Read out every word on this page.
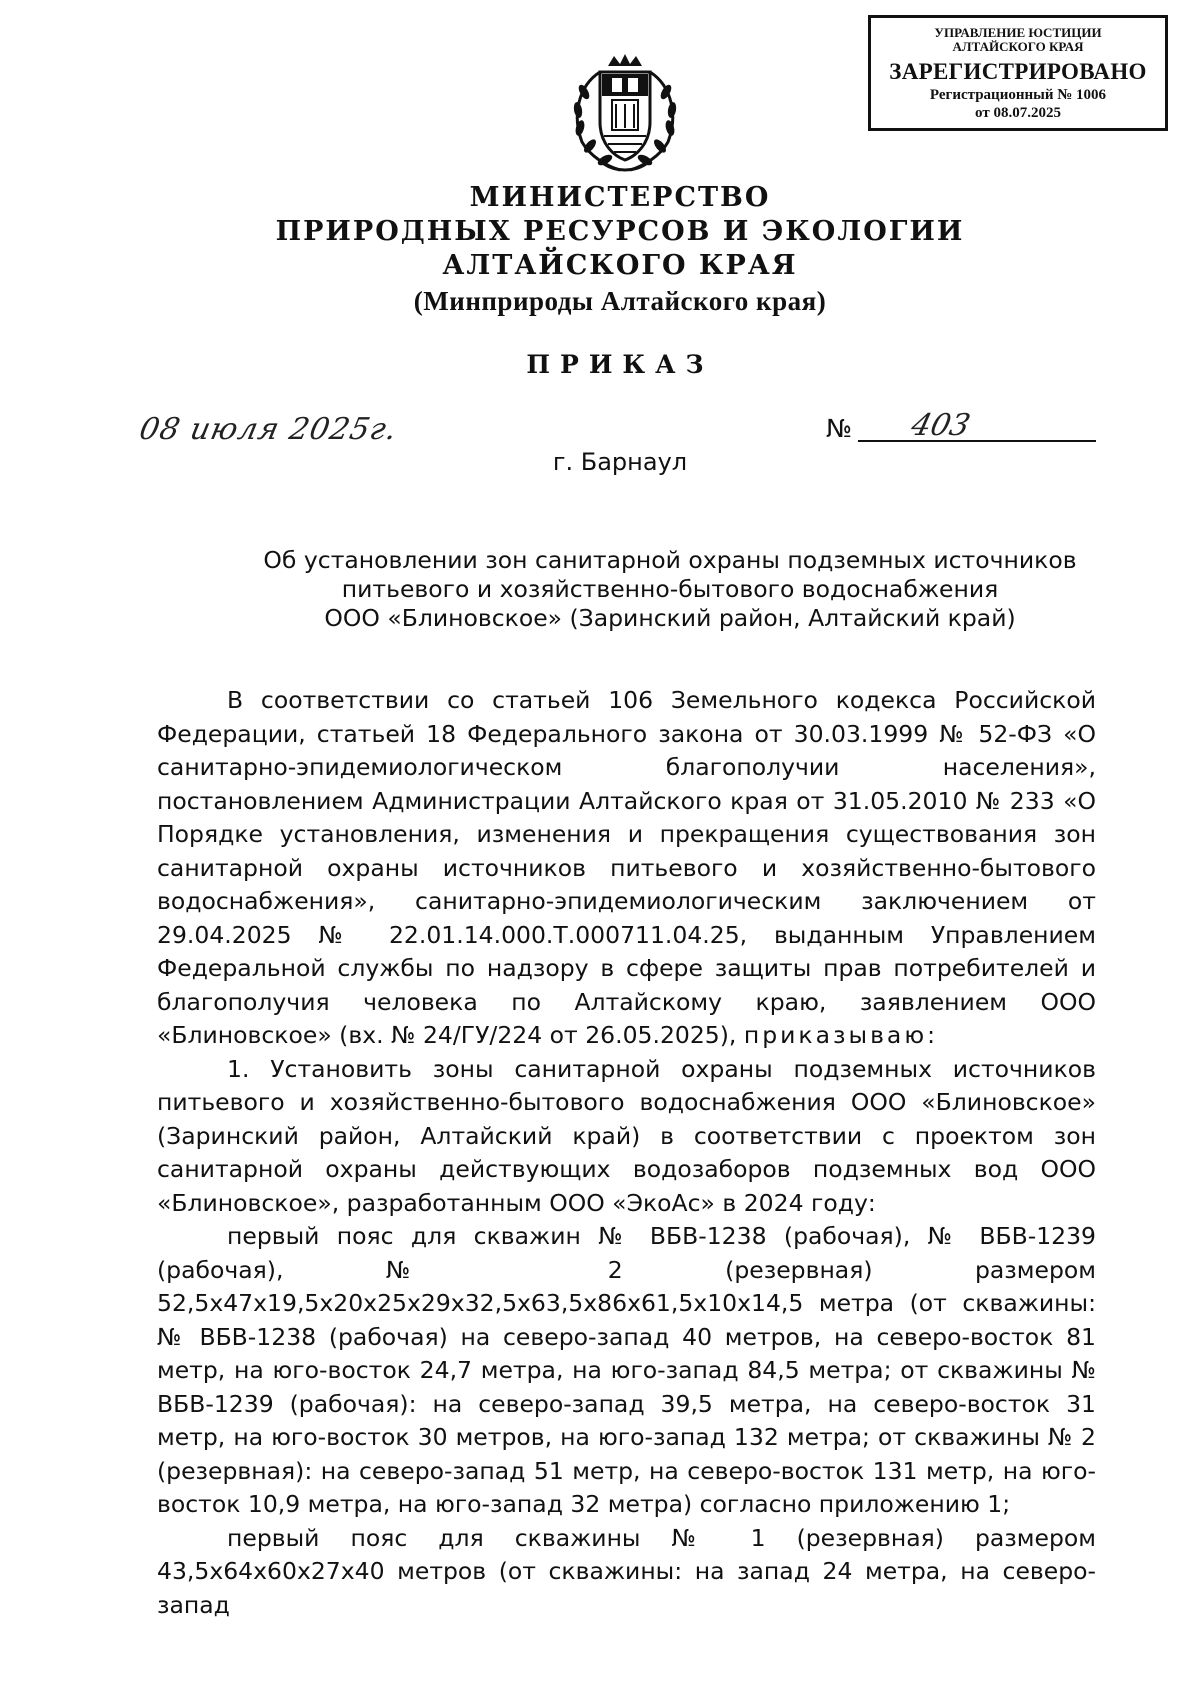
УПРАВЛЕНИЕ ЮСТИЦИИ
АЛТАЙСКОГО КРАЯ
ЗАРЕГИСТРИРОВАНО
Регистрационный № 1006
от 08.07.2025
МИНИСТЕРСТВО
ПРИРОДНЫХ РЕСУРСОВ И ЭКОЛОГИИ
АЛТАЙСКОГО КРАЯ
(Минприроды Алтайского края)
ПРИКАЗ
08 июля 2025г.	№ 403
г. Барнаул
Об установлении зон санитарной охраны подземных источников
питьевого и хозяйственно-бытового водоснабжения
ООО «Блиновское» (Заринский район, Алтайский край)

В соответствии со статьей 106 Земельного кодекса Российской Федерации, статьей 18 Федерального закона от 30.03.1999 № 52-ФЗ «О санитарно-эпидемиологическом благополучии населения», постановлением Администрации Алтайского края от 31.05.2010 № 233 «О Порядке установления, изменения и прекращения существования зон санитарной охраны источников питьевого и хозяйственно-бытового водоснабжения», санитарно-эпидемиологическим заключением от 29.04.2025 № 22.01.14.000.Т.000711.04.25, выданным Управлением Федеральной службы по надзору в сфере защиты прав потребителей и благополучия человека по Алтайскому краю, заявлением ООО «Блиновское» (вх. № 24/ГУ/224 от 26.05.2025), приказываю:

1. Установить зоны санитарной охраны подземных источников питьевого и хозяйственно-бытового водоснабжения ООО «Блиновское» (Заринский район, Алтайский край) в соответствии с проектом зон санитарной охраны действующих водозаборов подземных вод ООО «Блиновское», разработанным ООО «ЭкоАс» в 2024 году:

первый пояс для скважин № ВБВ-1238 (рабочая), № ВБВ-1239 (рабочая), № 2 (резервная) размером 52,5х47х19,5х20х25х29х32,5х63,5х86х61,5х10х14,5 метра (от скважины: № ВБВ-1238 (рабочая) на северо-запад 40 метров, на северо-восток 81 метр, на юго-восток 24,7 метра, на юго-запад 84,5 метра; от скважины № ВБВ-1239 (рабочая): на северо-запад 39,5 метра, на северо-восток 31 метр, на юго-восток 30 метров, на юго-запад 132 метра; от скважины № 2 (резервная): на северо-запад 51 метр, на северо-восток 131 метр, на юго-восток 10,9 метра, на юго-запад 32 метра) согласно приложению 1;

первый пояс для скважины № 1 (резервная) размером 43,5х64х60х27х40 метров (от скважины: на запад 24 метра, на северо-запад
